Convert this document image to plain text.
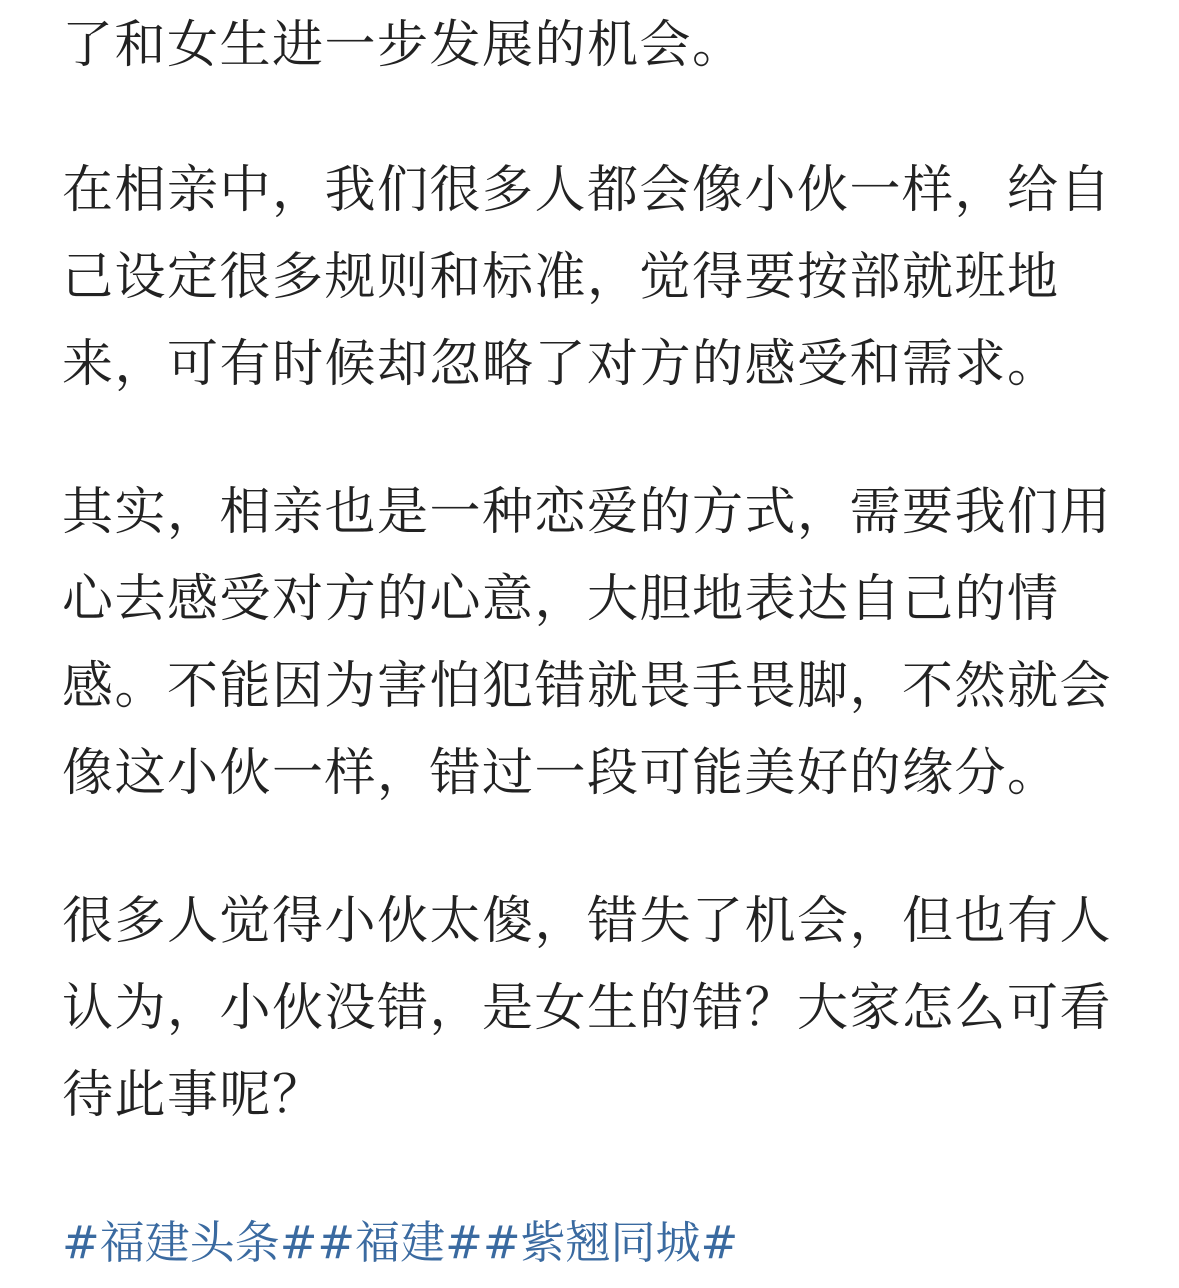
了和女生进一步发展的机会。

在相亲中，我们很多人都会像小伙一样，给自
己设定很多规则和标准，觉得要按部就班地
来，可有时候却忽略了对方的感受和需求。

其实，相亲也是一种恋爱的方式，需要我们用
心去感受对方的心意，大胆地表达自己的情
感。不能因为害怕犯错就畏手畏脚，不然就会
像这小伙一样，错过一段可能美好的缘分。

很多人觉得小伙太傻，错失了机会，但也有人
认为，小伙没错，是女生的错？大家怎么可看
待此事呢？

#福建头条##福建##紫翘同城#
